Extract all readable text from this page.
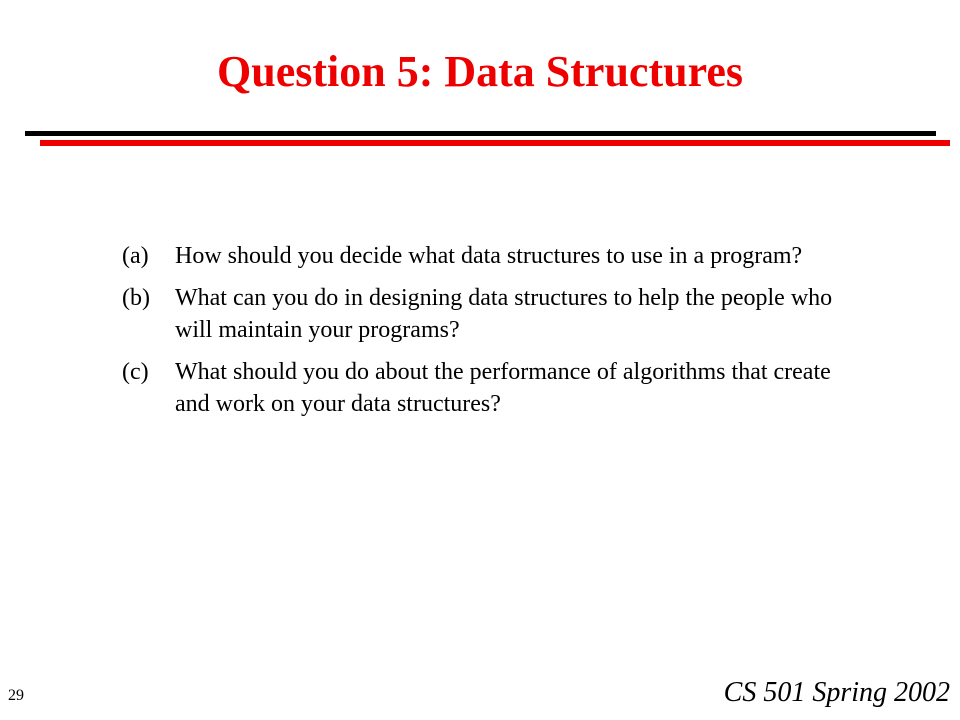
Question 5: Data Structures
(a)	How should you decide what data structures to use in a program?
(b)	What can you do in designing data structures to help the people who will maintain your programs?
(c)	What should you do about the performance of algorithms that create and work on your data structures?
29	CS 501 Spring 2002
